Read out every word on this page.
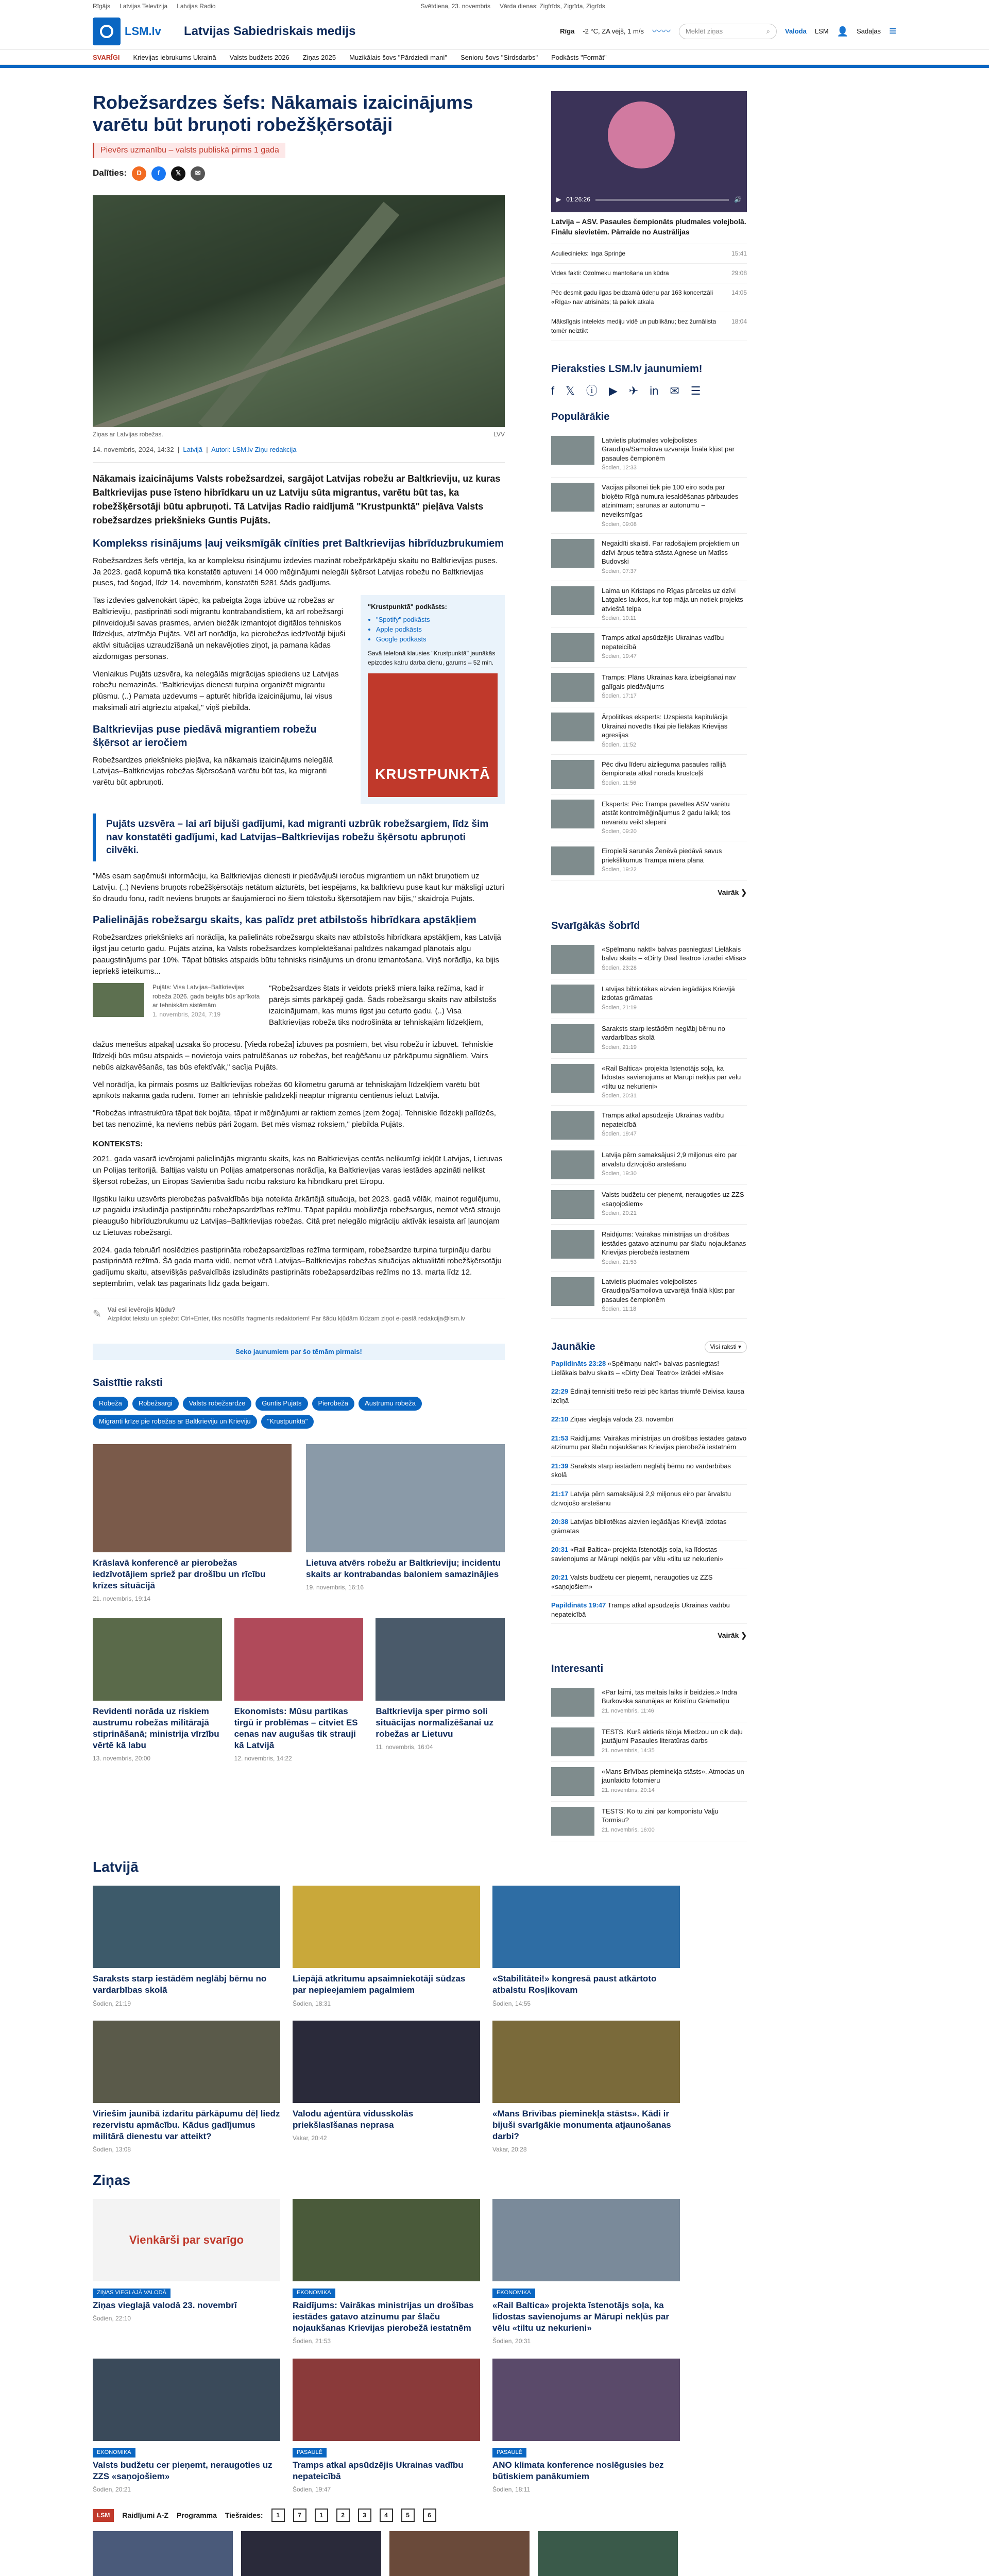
Rīgājs Latvijas Televīzija Latvijas Radio	Svētdiena, 23. novembris Vārda dienas: Zigfrīds, Zigrīda, Zigrīds
LSM.lv Latvijas Sabiedriskais medijs	Rīga -2 °C, ZA vējš, 1 m/s 〰〰 Meklēt ziņas	⌕ Valoda LSM 👤 Sadaļas ≡
SVARĪGI Krievijas iebrukums Ukrainā Valsts budžets 2026 Ziņas 2025 Muzikālais šovs "Pārdziedi mani" Senioru šovs "Sirdsdarbs" Podkāsts "Formāt"
Robežsardzes šefs: Nākamais izaicinājums varētu būt bruņoti robežšķērsotāji
Pievērs uzmanību – valsts publiskā pirms 1 gada
Dalīties:	D	f	𝕏	✉
Ziņas ar Latvijas robežas.	LVV
14. novembris, 2024, 14:32  |  Latvijā  |  Autori: LSM.lv Ziņu redakcija

Nākamais izaicinājums Valsts robežsardzei, sargājot Latvijas robežu ar Baltkrieviju, uz kuras Baltkrievijas puse īsteno hibrīdkaru un uz Latviju sūta migrantus, varētu būt tas, ka robežšķērsotāji būtu apbruņoti. Tā Latvijas Radio raidījumā "Krustpunktā" pieļāva Valsts robežsardzes priekšnieks Guntis Pujāts.

Komplekss risinājums ļauj veiksmīgāk cīnīties pret Baltkrievijas hibrīduzbrukumiem

Robežsardzes šefs vērtēja, ka ar kompleksu risinājumu izdevies mazināt robežpārkāpēju skaitu no Baltkrievijas puses. Ja 2023. gadā kopumā tika konstatēti aptuveni 14 000 mēģinājumi nelegāli šķērsot Latvijas robežu no Baltkrievijas puses, tad šogad, līdz 14. novembrim, konstatēti 5281 šāds gadījums.

Tas izdevies galvenokārt tāpēc, ka pabeigta žoga izbūve uz robežas ar Baltkrieviju, pastiprināti sodi migrantu kontrabandistiem, kā arī robežsargi pilnveidojuši savas prasmes, arvien biežāk izmantojot digitālos tehniskos līdzekļus, atzīmēja Pujāts. Vēl arī norādīja, ka pierobežas iedzīvotāji bijuši aktīvi situācijas uzraudzīšanā un nekavējoties ziņot, ja pamana kādas aizdomīgas personas.

Vienlaikus Pujāts uzsvēra, ka nelegālās migrācijas spiediens uz Latvijas robežu nemazinās. "Baltkrievijas dienesti turpina organizēt migrantu plūsmu. (..) Pamata uzdevums – apturēt hibrīda izaicinājumu, lai visus maksimāli ātri atgrieztu atpakaļ," viņš piebilda.

Baltkrievijas puse piedāvā migrantiem robežu šķērsot ar ieročiem

Robežsardzes priekšnieks pieļāva, ka nākamais izaicinājums nelegālā Latvijas–Baltkrievijas robežas šķērsošanā varētu būt tas, ka migranti varētu būt apbruņoti.

"Krustpunktā" podkāsts:
• "Spotify" podkāsts
• Apple podkāsts
• Google podkāsts

Savā telefonā klausies "Krustpunktā" jaunākās epizodes katru darba dienu, garums – 52 min.

KRUSTPUNKTĀ
Pujāts uzsvēra – lai arī bijuši gadījumi, kad migranti uzbrūk robežsargiem, līdz šim nav konstatēti gadījumi, kad Latvijas–Baltkrievijas robežu šķērsotu apbruņoti cilvēki.

"Mēs esam saņēmuši informāciju, ka Baltkrievijas dienesti ir piedāvājuši ieročus migrantiem un nākt bruņotiem uz Latviju. (..) Neviens bruņots robežšķērsotājs netātum aizturēts, bet iespējams, ka baltkrievu puse kaut kur mākslīgi uzturi šo draudu fonu, radīt neviens bruņots ar šaujamieroci no šiem tūkstošu šķērsotājiem nav bijis," skaidroja Pujāts.

Palielinājās robežsargu skaits, kas palīdz pret atbilstošs hibrīdkara apstākļiem

Robežsardzes priekšnieks arī norādīja, ka palielināts robežsargu skaits nav atbilstošs hibrīdkara apstākļiem, kas Latvijā ilgst jau ceturto gadu. Pujāts atzina, ka Valsts robežsardzes komplektēšanai palīdzēs nākamgad plānotais algu paaugstinājums par 10%. Tāpat būtisks atspaids būtu tehnisks risinājums un dronu izmantošana. Viņš norādīja, ka bijis iepriekš ieteikums...

Pujāts: Visa Latvijas–Baltkrievijas robeža 2026. gada beigās būs aprīkota ar tehniskām sistēmām
1. novembris, 2024, 7:19

"Robežsardzes štats ir veidots priekš miera laika režīma, kad ir pārējs simts pārkāpēji gadā. Šāds robežsargu skaits nav atbilstošs izaicinājumam, kas mums ilgst jau ceturto gadu. (..) Visa Baltkrievijas robeža tiks nodrošināta ar tehniskajām līdzekļiem,

dažus mēnešus atpakaļ uzsāka šo procesu. [Vieda robeža] izbūvēs pa posmiem, bet visu robežu ir izbūvēt. Tehniskie līdzekļi būs mūsu atspaids – novietoja vairs patrulēšanas uz robežas, bet reaģēšanu uz pārkāpumu signāliem. Vairs nebūs aizkavēšanās, tas būs efektīvāk," sacīja Pujāts.

Vēl norādīja, ka pirmais posms uz Baltkrievijas robežas 60 kilometru garumā ar tehniskajām līdzekļiem varētu būt aprīkots nākamā gada rudenī. Tomēr arī tehniskie palīdzekļi neaptur migrantu centienus ielūzt Latvijā.

"Robežas infrastruktūra tāpat tiek bojāta, tāpat ir mēģinājumi ar raktiem zemes [zem žoga]. Tehniskie līdzekļi palīdzēs, bet tas nenozīmē, ka neviens nebūs pāri žogam. Bet mēs vismaz roksiem," piebilda Pujāts.

KONTEKSTS:

2021. gada vasarā ievērojami palielinājās migrantu skaits, kas no Baltkrievijas centās nelikumīgi iekļūt Latvijas, Lietuvas un Polijas teritorijā. Baltijas valstu un Polijas amatpersonas norādīja, ka Baltkrievijas varas iestādes apzināti nelikst šķērsot robežas, un Eiropas Savienība šādu rīcību raksturo kā hibrīdkaru pret Eiropu.

Ilgstiku laiku uzsvērts pierobežas pašvaldībās bija noteikta ārkārtējā situācija, bet 2023. gadā vēlāk, mainot regulējumu, uz pagaidu izsludināja pastiprinātu robežapsardzības režīmu. Tāpat papildu mobilizēja robežsargus, nemot vērā straujo pieaugušo hibrīduzbrukumu uz Latvijas–Baltkrievijas robežas. Citā pret nelegālo migrāciju aktīvāk iesaista arī ļaunojam uz Lietuvas robežsargi.

2024. gada februārī noslēdzies pastiprināta robežapsardzības režīma termiņam, robežsardze turpina turpināju darbu pastiprinātā režīmā. Šā gada marta vidū, nemot vērā Latvijas–Baltkrievijas robežas situācijas aktualitāti robežšķērsotāju gadījumu skaitu, atsevišķās pašvaldībās izsludināts pastiprināts robežapsardzības režīms no 13. marta līdz 12. septembrim, vēlāk tas pagarināts līdz gada beigām.

✎ Vai esi ievērojis kļūdu?
Aizpildot tekstu un spiežot Ctrl+Enter, tiks nosūtīts fragments redaktoriem! Par šādu kļūdām lūdzam ziņot e-pastā redakcija@lsm.lv
Seko jaunumiem par šo tēmām pirmais!
Saistītie raksti
Robeža	Robežsargi	Valsts robežsardze	Guntis Pujāts	Pierobeža	Austrumu robeža
Migranti krīze pie robežas ar Baltkrieviju un Krieviju	"Krustpunktā"
Krāslavā konferencē ar pierobežas iedzīvotājiem spriež par drošību un rīcību krīzes situācijā
21. novembris, 19:14
Lietuva atvērs robežu ar Baltkrieviju; incidentu skaits ar kontrabandas baloniem samazinājies
19. novembris, 16:16
Revidenti norāda uz riskiem austrumu robežas militārajā stiprināšanā; ministrija vīrzību vērtē kā labu
13. novembris, 20:00
Ekonomists: Mūsu partikas tirgū ir problēmas – citviet ES cenas nav augušas tik strauji kā Latvijā
12. novembris, 14:22
Baltkrievija sper pirmo soli situācijas normalizēšanai uz robežas ar Lietuvu
11. novembris, 16:04
▶ 01:26:26	🔊
Latvija – ASV. Pasaules čempionāts pludmales volejbolā. Finālu sievietēm. Pārraide no Austrālijas
Aculiecinieks: Inga Sprinģe	15:41
Vides fakti: Ozolmeku mantošana un kūdra	29:08
Pēc desmit gadu ilgas beidzamā ūdeņu par 163 koncertzāli «Rīga» nav atrisināts; tā paliek atkala
14:05
Mākslīgais intelekts mediju vidē un publikānu; bez žurnālista tomēr neiztikt
18:04
Pieraksties LSM.lv jaunumiem!
f 𝕏 ⓘ ▶ ✈ in ✉ ☰
Populārākie
Latvietis pludmales volejbolistes Graudiņa/Samoilova uzvarējā finālā kļūst par pasaules čempionēm
Šodien, 12:33
Vācijas pilsonei tiek pie 100 eiro soda par bloķēto Rīgā numura iesaldēšanas pārbaudes atzinīmam; sarunas ar autonumu – neveiksmīgas
Šodien, 09:08
Negaidīti skaisti. Par radošajiem projektiem un dzīvi ārpus teātra stāsta Agnese un Matīss Budovski
Šodien, 07:37
Laima un Kristaps no Rīgas pārcelas uz dzīvi Latgales laukos, kur top māja un notiek projekts atvieštā telpa
Šodien, 10:11
Tramps atkal apsūdzējis Ukrainas vadību nepateicībā
Šodien, 19:47
Tramps: Plāns Ukrainas kara izbeigšanai nav galīgais piedāvājums
Šodien, 17:17
Ārpolitikas eksperts: Uzspiesta kapitulācija Ukrainai novedīs tikai pie lielākas Krievijas agresijas
Šodien, 11:52
Pēc divu līderu aizlieguma pasaules rallijā čempionātā atkal norāda krustceļš
Šodien, 11:56
Eksperts: Pēc Trampa paveltes ASV varētu atstāt kontrolmēģinājumus 2 gadu laikā; tos nevarētu veikt slepeni
Šodien, 09:20
Eiropieši sarunās Ženēvā piedāvā savus priekšlikumus Trampa miera plānā
Šodien, 19:22
Vairāk ❯
Svarīgākās šobrīd
«Spēlmanu naktī» balvas pasniegtas! Lielākais balvu skaits – «Dirty Deal Teatro» izrādei «Misa»
Šodien, 23:28
Latvijas bibliotēkas aizvien iegādājas Krievijā izdotas grāmatas
Šodien, 21:19
Saraksts starp iestādēm neglābj bērnu no vardarbības skolā
Šodien, 21:19
«Rail Baltica» projekta īstenotājs soļa, ka līdostas savienojums ar Mārupi nekļūs par vēlu «tiltu uz nekurieni»
Šodien, 20:31
Tramps atkal apsūdzējis Ukrainas vadību nepateicībā
Šodien, 19:47
Latvija pērn samaksājusi 2,9 miljonus eiro par ārvalstu dzīvojošo ārstēšanu
Šodien, 19:30
Valsts budžetu cer pieņemt, neraugoties uz ZZS «saņojošiem»
Šodien, 20:21
Raidījums: Vairākas ministrijas un drošības iestādes gatavo atzinumu par šlaču nojaukšanas Krievijas pierobežā iestatnēm
Šodien, 21:53
Latvietis pludmales volejbolistes Graudiņa/Samoilova uzvarējā finālā kļūst par pasaules čempionēm
Šodien, 11:18
Jaunākie	Visi raksti ▾
Papildināts 23:28 «Spēlmaņu naktī» balvas pasniegtas! Lielākais balvu skaits – «Dirty Deal Teatro» izrādei «Misa»
22:29 Ēdināji tennisiti trešo reizi pēc kārtas triumfē Deivisa kausa izcīņā
22:10 Ziņas vieglajā valodā 23. novembrī
21:53 Raidījums: Vairākas ministrijas un drošības iestādes gatavo atzinumu par šlaču nojaukšanas Krievijas pierobežā iestatnēm
21:39 Saraksts starp iestādēm neglābj bērnu no vardarbības skolā
21:17 Latvija pērn samaksājusi 2,9 miljonus eiro par ārvalstu dzīvojošo ārstēšanu
20:38 Latvijas bibliotēkas aizvien iegādājas Krievijā izdotas grāmatas
20:31 «Rail Baltica» projekta īstenotājs soļa, ka līdostas savienojums ar Mārupi nekļūs par vēlu «tiltu uz nekurieni»
20:21 Valsts budžetu cer pieņemt, neraugoties uz ZZS «saņojošiem»
Papildināts 19:47 Tramps atkal apsūdzējis Ukrainas vadību nepateicībā
Vairāk ❯
Interesanti
«Par laimi, tas meitais laiks ir beidzies.» Indra Burkovska sarunājas ar Kristīnu Grāmatiņu
21. novembris, 11:46
TESTS. Kurš aktieris tēloja Miedzou un cik daļu jautājumi Pasaules literatūras darbs
21. novembris, 14:35
«Mans Brīvības pieminekļa stāsts». Atmodas un jaunlaidto fotomieru
21. novembris, 20:14
TESTS: Ko tu zini par komponistu Vaļju Tormisu?
21. novembris, 16:00
Latvijā
Saraksts starp iestādēm neglābj bērnu no vardarbības skolā
Šodien, 21:19
Liepājā atkritumu apsaimniekotāji sūdzas par nepieejamiem pagalmiem
Šodien, 18:31
«Stabilitātei!» kongresā paust atkārtoto atbalstu Rosļikovam
Šodien, 14:55
Viriešim jaunībā izdarītu pārkāpumu dēļ liedz rezervistu apmācību. Kādus gadījumus militārā dienestu var atteikt?
Šodien, 13:08
Valodu aģentūra vidusskolās priekšlasīšanas neprasa
Vakar, 20:42
«Mans Brīvības pieminekļa stāsts». Kādi ir bijuši svarīgākie monumenta atjaunošanas darbi?
Vakar, 20:28
Ziņas
Vienkārši par svarīgo
ZIŅAS VIEGLAJĀ VALODĀ
Ziņas vieglajā valodā 23. novembrī
Šodien, 22:10
EKONOMIKA
Raidījums: Vairākas ministrijas un drošības iestādes gatavo atzinumu par šlaču nojaukšanas Krievijas pierobežā iestatnēm
Šodien, 21:53
EKONOMIKA
«Rail Baltica» projekta īstenotājs soļa, ka līdostas savienojums ar Mārupi nekļūs par vēlu «tiltu uz nekurieni»
Šodien, 20:31
EKONOMIKA
Valsts budžetu cer pieņemt, neraugoties uz ZZS «saņojošiem»
Šodien, 20:21
PASAULĒ
Tramps atkal apsūdzējis Ukrainas vadību nepateicībā
Šodien, 19:47
PASAULĒ
ANO klimata konference noslēgusies bez būtiskiem panākumiem
Šodien, 18:11
LSM	Raidījumi A-Z Programma Tiešraides:	1	7	1	2	3	4	5	6
